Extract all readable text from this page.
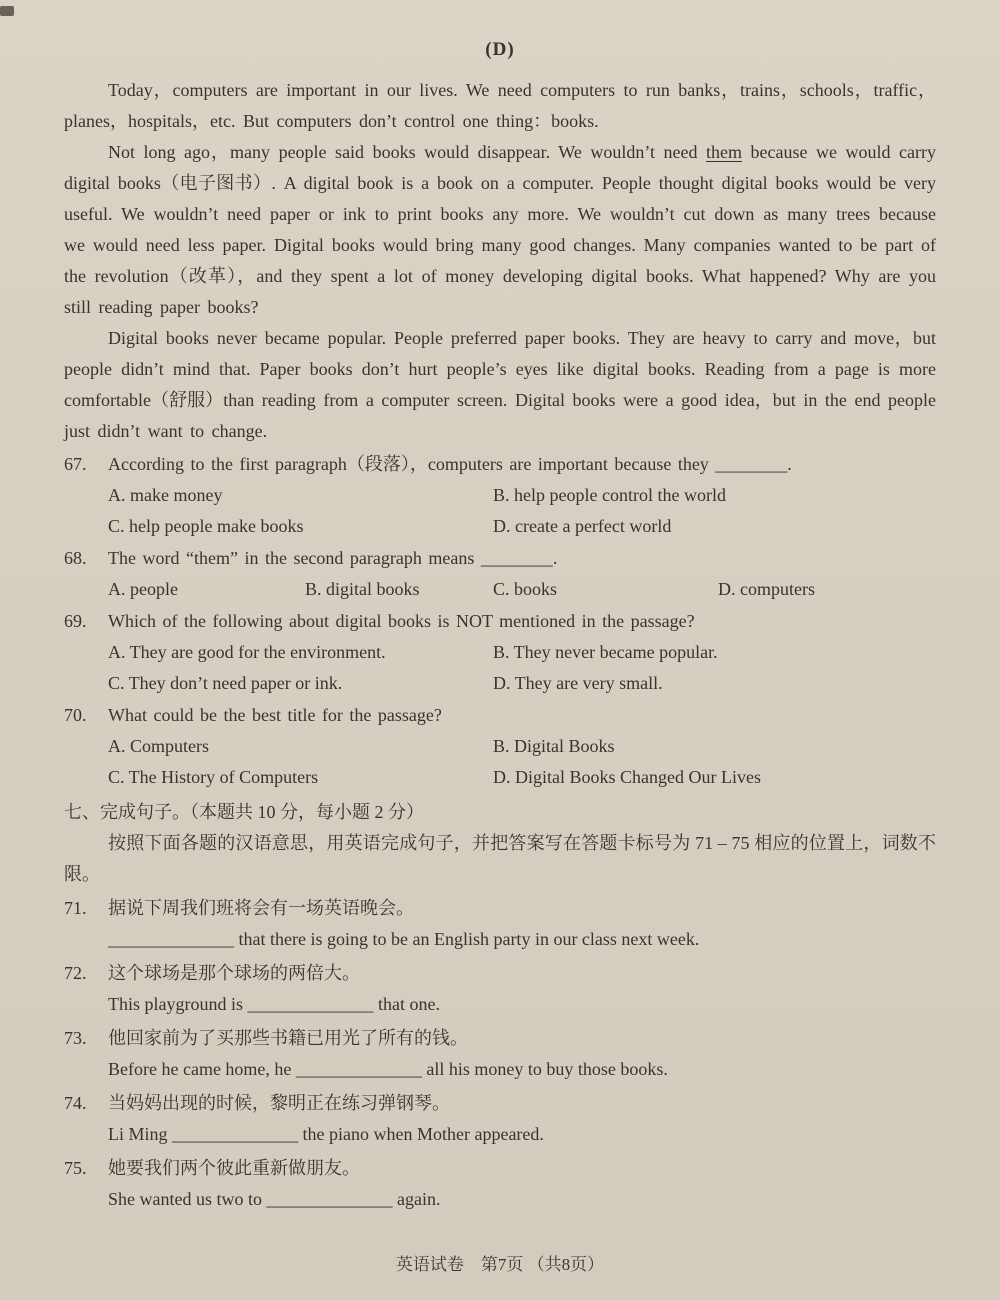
(D)

Today，computers are important in our lives. We need computers to run banks，trains，schools，traffic，planes，hospitals，etc. But computers don’t control one thing：books.

Not long ago，many people said books would disappear. We wouldn’t need them because we would carry digital books（电子图书）. A digital book is a book on a computer. People thought digital books would be very useful. We wouldn’t need paper or ink to print books any more. We wouldn’t cut down as many trees because we would need less paper. Digital books would bring many good changes. Many companies wanted to be part of the revolution（改革），and they spent a lot of money developing digital books. What happened? Why are you still reading paper books?

Digital books never became popular. People preferred paper books. They are heavy to carry and move，but people didn’t mind that. Paper books don’t hurt people’s eyes like digital books. Reading from a page is more comfortable（舒服）than reading from a computer screen. Digital books were a good idea，but in the end people just didn’t want to change.

67.	According to the first paragraph（段落），computers are important because they ________.
A. make money	B. help people control the world
C. help people make books	D. create a perfect world
68.	The word “them” in the second paragraph means ________.
A. people	B. digital books	C. books	D. computers
69.	Which of the following about digital books is NOT mentioned in the passage?
A. They are good for the environment.	B. They never became popular.
C. They don’t need paper or ink.	D. They are very small.
70.	What could be the best title for the passage?
A. Computers	B. Digital Books
C. The History of Computers	D. Digital Books Changed Our Lives
七、完成句子。（本题共 10 分，每小题 2 分）

按照下面各题的汉语意思，用英语完成句子，并把答案写在答题卡标号为 71 – 75 相应的位置上，词数不限。

71.	据说下周我们班将会有一场英语晚会。
______________ that there is going to be an English party in our class next week.
72.	这个球场是那个球场的两倍大。
This playground is ______________ that one.
73.	他回家前为了买那些书籍已用光了所有的钱。
Before he came home, he ______________ all his money to buy those books.
74.	当妈妈出现的时候，黎明正在练习弹钢琴。
Li Ming ______________ the piano when Mother appeared.
75.	她要我们两个彼此重新做朋友。
She wanted us two to ______________ again.
英语试卷　第7页 （共8页）
